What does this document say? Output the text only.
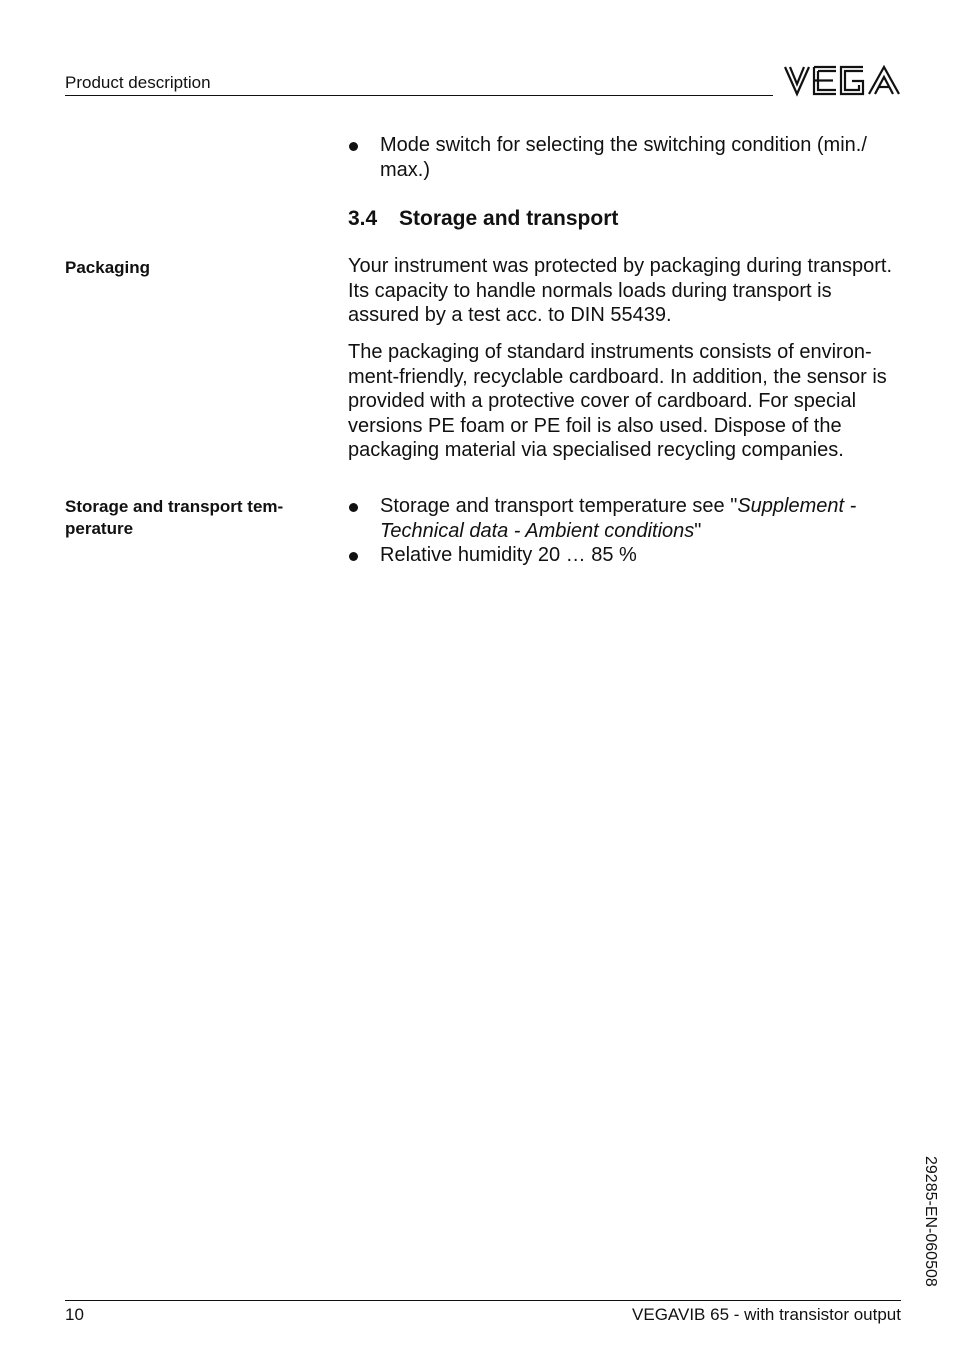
Product description
Mode switch for selecting the switching condition (min./ max.)
3.4 Storage and transport
Packaging	Your instrument was protected by packaging during transport. Its capacity to handle normals loads during transport is assured by a test acc. to DIN 55439.
The packaging of standard instruments consists of environ-ment-friendly, recyclable cardboard. In addition, the sensor is provided with a protective cover of cardboard. For special versions PE foam or PE foil is also used. Dispose of the packaging material via specialised recycling companies.
Storage and transport tem-perature
Storage and transport temperature see "Supplement - Technical data - Ambient conditions"
Relative humidity 20 … 85 %
29285-EN-060508
10	VEGAVIB 65 - with transistor output
